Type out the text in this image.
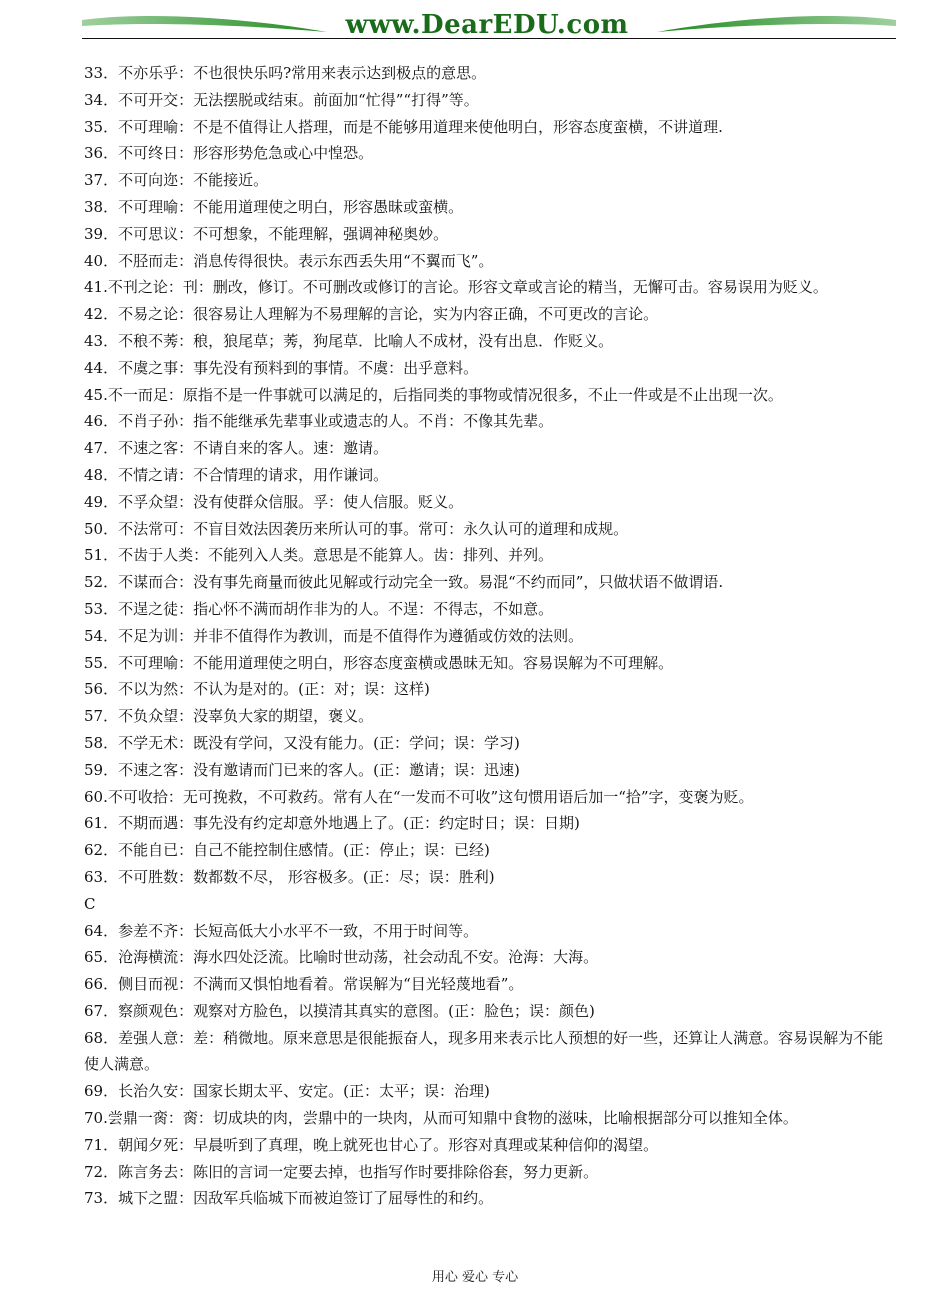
www.DearEDU.com
33．不亦乐乎：不也很快乐吗?常用来表示达到极点的意思。
34．不可开交：无法摆脱或结束。前面加“忙得”“打得”等。
35．不可理喻：不是不值得让人搭理，而是不能够用道理来使他明白，形容态度蛮横，不讲道理.
36．不可终日：形容形势危急或心中惶恐。
37．不可向迩：不能接近。
38．不可理喻：不能用道理使之明白，形容愚昧或蛮横。
39．不可思议：不可想象，不能理解，强调神秘奥妙。
40．不胫而走：消息传得很快。表示东西丢失用“不翼而飞”。
41.不刊之论：刊：删改，修订。不可删改或修订的言论。形容文章或言论的精当，无懈可击。容易误用为贬义。
42．不易之论：很容易让人理解为不易理解的言论，实为内容正确，不可更改的言论。
43．不稂不莠：稂，狼尾草；莠，狗尾草．比喻人不成材，没有出息．作贬义。
44．不虞之事：事先没有预料到的事情。不虞：出乎意料。
45.不一而足：原指不是一件事就可以满足的，后指同类的事物或情况很多，不止一件或是不止出现一次。
46．不肖子孙：指不能继承先辈事业或遗志的人。不肖：不像其先辈。
47．不速之客：不请自来的客人。速：邀请。
48．不情之请：不合情理的请求，用作谦词。
49．不孚众望：没有使群众信服。孚：使人信服。贬义。
50．不法常可：不盲目效法因袭历来所认可的事。常可：永久认可的道理和成规。
51．不齿于人类：不能列入人类。意思是不能算人。齿：排列、并列。
52．不谋而合：没有事先商量而彼此见解或行动完全一致。易混“不约而同”，只做状语不做谓语.
53．不逞之徒：指心怀不满而胡作非为的人。不逞：不得志，不如意。
54．不足为训：并非不值得作为教训，而是不值得作为遵循或仿效的法则。
55．不可理喻：不能用道理使之明白，形容态度蛮横或愚昧无知。容易误解为不可理解。
56．不以为然：不认为是对的。(正：对；误：这样)
57．不负众望：没辜负大家的期望，褒义。
58．不学无术：既没有学问，又没有能力。(正：学问；误：学习)
59．不速之客：没有邀请而门已来的客人。(正：邀请；误：迅速)
60.不可收拾：无可挽救，不可救药。常有人在“一发而不可收”这句惯用语后加一“拾”字，变褒为贬。
61．不期而遇：事先没有约定却意外地遇上了。(正：约定时日；误：日期)
62．不能自已：自己不能控制住感情。(正：停止；误：已经)
63．不可胜数：数都数不尽， 形容极多。(正：尽；误：胜利)
C
64．参差不齐：长短高低大小水平不一致，不用于时间等。
65．沧海横流：海水四处泛流。比喻时世动荡，社会动乱不安。沧海：大海。
66．侧目而视：不满而又惧怕地看着。常误解为“目光轻蔑地看”。
67．察颜观色：观察对方脸色，以摸清其真实的意图。(正：脸色；误：颜色)
68．差强人意：差：稍微地。原来意思是很能振奋人，现多用来表示比人预想的好一些，还算让人满意。容易误解为不能使人满意。
69．长治久安：国家长期太平、安定。(正：太平；误：治理)
70.尝鼎一脔：脔：切成块的肉，尝鼎中的一块肉，从而可知鼎中食物的滋味，比喻根据部分可以推知全体。
71．朝闻夕死：早晨听到了真理，晚上就死也甘心了。形容对真理或某种信仰的渴望。
72．陈言务去：陈旧的言词一定要去掉，也指写作时要排除俗套，努力更新。
73．城下之盟：因敌军兵临城下而被迫签订了屈辱性的和约。
用心 爱心 专心
